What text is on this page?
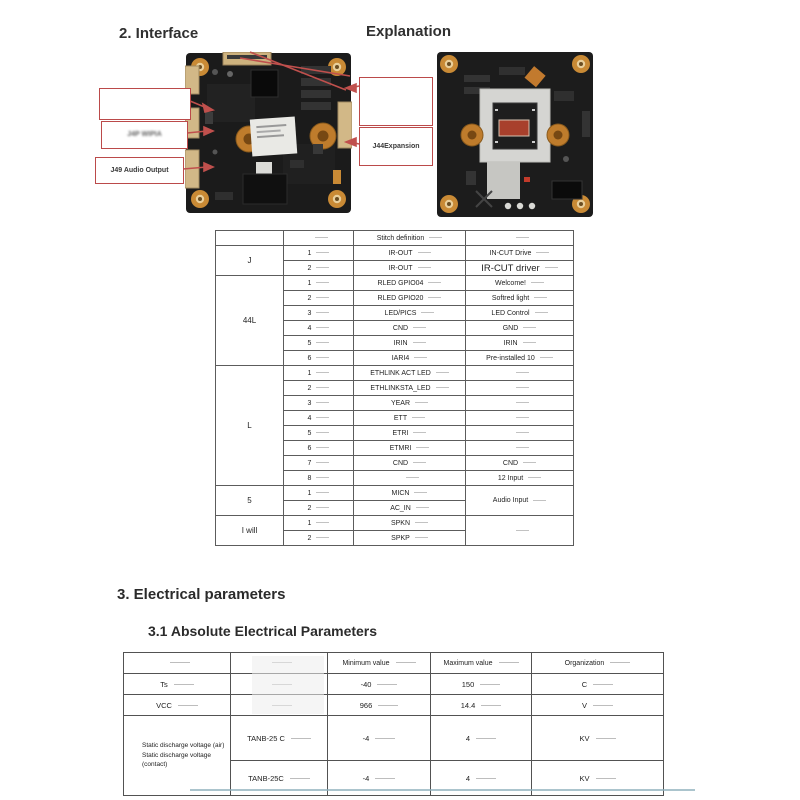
2. Interface	Explanation
J4P WIPIA
J49 Audio Output
J44Expansion
		Stitch definition	
J	1	IR-OUT	IN-CUT Drive
	2	IR-OUT	IR-CUT driver
44L	1	RLED GPIO04	Welcome!
	2	RLED GPIO20	Softred light
	3	LED/PICS	LED Control
	4	CND	GND
	5	IRIN	IRIN
	6	IARI4	Pre-installed 10
L	1	ETHLINK ACT LED	
	2	ETHLINKSTA_LED	
	3	YEAR	
	4	ETT	
	5	ETRI	
	6	ETMRI	
	7	CND	CND
	8		12 Input
5	1	MICN	Audio Input
	2	AC_IN	
I will	1	SPKN	
	2	SPKP	
3. Electrical parameters
3.1 Absolute Electrical Parameters
		Minimum value	Maximum value	Organization
Ts		-40	150	C
VCC		966	14.4	V
Static discharge voltage (air) Static discharge voltage (contact)	TANB-25 C	-4	4	KV
	TANB-25C	-4	4	KV
